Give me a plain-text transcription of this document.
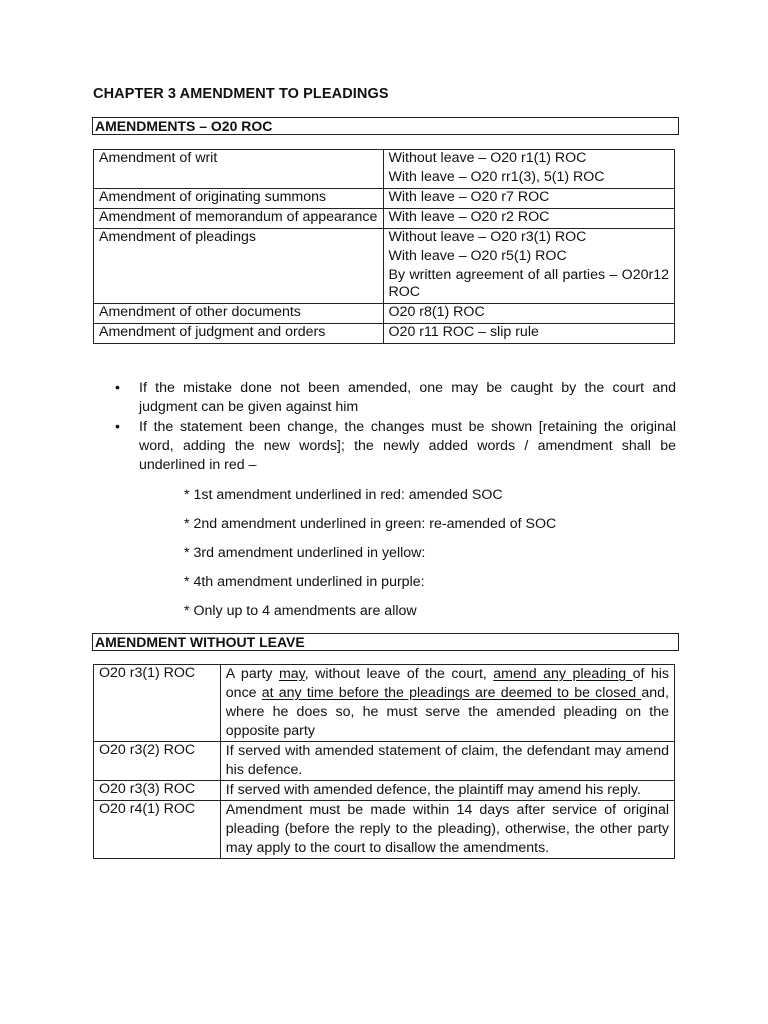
CHAPTER 3 AMENDMENT TO PLEADINGS
AMENDMENTS – O20 ROC
Amendment of writ	Without leave – O20 r1(1) ROC
With leave – O20 rr1(3), 5(1) ROC

Amendment of originating summons	With leave – O20 r7 ROC

Amendment of memorandum of appearance	With leave – O20 r2 ROC

Amendment of pleadings	Without leave – O20 r3(1) ROC
With leave – O20 r5(1) ROC
By written agreement of all parties – O20r12 ROC

Amendment of other documents	O20 r8(1) ROC

Amendment of judgment and orders	O20 r11 ROC – slip rule
• If the mistake done not been amended, one may be caught by the court and judgment can be given against him
• If the statement been change, the changes must be shown [retaining the original word, adding the new words]; the newly added words / amendment shall be underlined in red –
* 1st amendment underlined in red: amended SOC
* 2nd amendment underlined in green: re-amended of SOC
* 3rd amendment underlined in yellow:
* 4th amendment underlined in purple:
* Only up to 4 amendments are allow
AMENDMENT WITHOUT LEAVE
O20 r3(1) ROC	A party may, without leave of the court, amend any pleading of his once at any time before the pleadings are deemed to be closed and, where he does so, he must serve the amended pleading on the opposite party
O20 r3(2) ROC	If served with amended statement of claim, the defendant may amend his defence.
O20 r3(3) ROC	If served with amended defence, the plaintiff may amend his reply.
O20 r4(1) ROC	Amendment must be made within 14 days after service of original pleading (before the reply to the pleading), otherwise, the other party may apply to the court to disallow the amendments.
